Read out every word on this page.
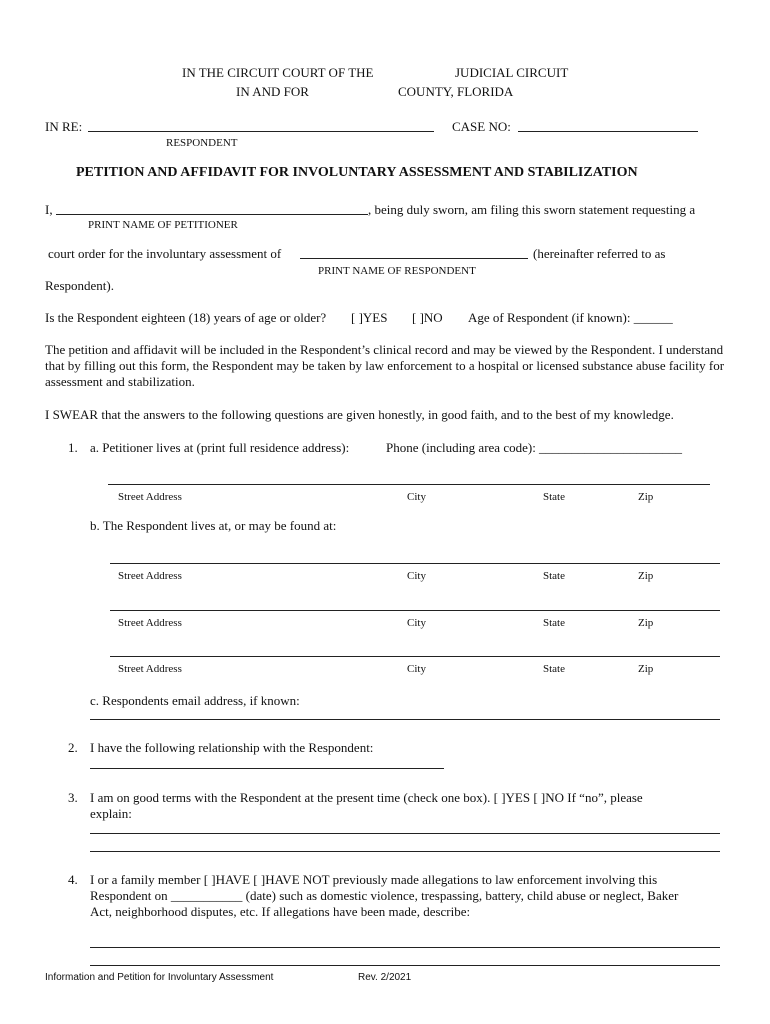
IN THE CIRCUIT COURT OF THE	JUDICIAL CIRCUIT
IN AND FOR	COUNTY, FLORIDA
IN RE:
RESPONDENT
CASE NO:
PETITION AND AFFIDAVIT FOR INVOLUNTARY ASSESSMENT AND STABILIZATION
I,	, being duly sworn, am filing this sworn statement requesting a
PRINT NAME OF PETITIONER
court order for the involuntary assessment of	(hereinafter referred to as
PRINT NAME OF RESPONDENT
Respondent).
Is the Respondent eighteen (18) years of age or older? [ ]YES [ ]NO Age of Respondent (if known): ______
The petition and affidavit will be included in the Respondent’s clinical record and may be viewed by the Respondent. I understand that by filling out this form, the Respondent may be taken by law enforcement to a hospital or licensed substance abuse facility for assessment and stabilization.
I SWEAR that the answers to the following questions are given honestly, in good faith, and to the best of my knowledge.
1. a. Petitioner lives at (print full residence address):	Phone (including area code): ______________________
Street Address	City	State	Zip
b. The Respondent lives at, or may be found at:
Street Address	City	State	Zip
Street Address	City	State	Zip
Street Address	City	State	Zip
c. Respondents email address, if known:
2. I have the following relationship with the Respondent:
3. I am on good terms with the Respondent at the present time (check one box). [ ]YES [ ]NO If “no”, please
explain:
4. I or a family member [ ]HAVE [ ]HAVE NOT previously made allegations to law enforcement involving this
Respondent on ___________ (date) such as domestic violence, trespassing, battery, child abuse or neglect, Baker
Act, neighborhood disputes, etc. If allegations have been made, describe:
Information and Petition for Involuntary Assessment	Rev. 2/2021
